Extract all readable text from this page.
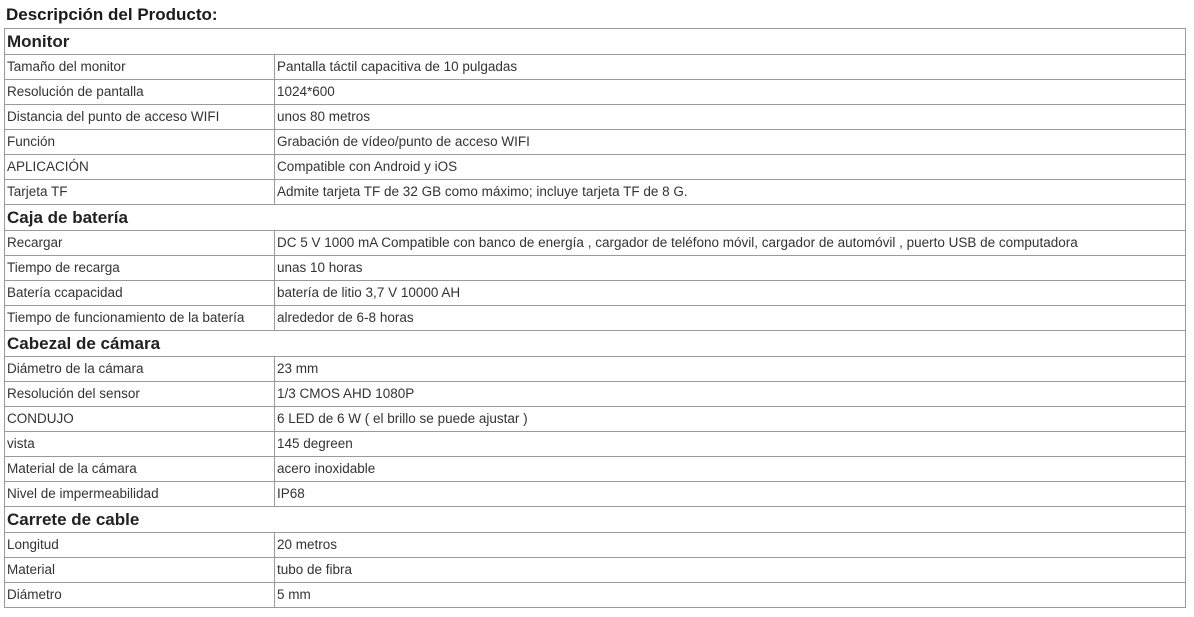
Descripción del Producto:
Monitor	
Tamaño del monitor	Pantalla táctil capacitiva de 10 pulgadas
Resolución de pantalla	1024*600
Distancia del punto de acceso WIFI	unos 80 metros
Función	Grabación de vídeo/punto de acceso WIFI
APLICACIÓN	Compatible con Android y iOS
Tarjeta TF	Admite tarjeta TF de 32 GB como máximo; incluye tarjeta TF de 8 G.
Caja de batería	
Recargar	DC 5 V 1000 mA Compatible con banco de energía , cargador de teléfono móvil, cargador de automóvil , puerto USB de computadora
Tiempo de recarga	unas 10 horas
Batería ccapacidad	batería de litio 3,7 V 10000 AH
Tiempo de funcionamiento de la batería	alrededor de 6-8 horas
Cabezal de cámara	
Diámetro de la cámara	23 mm
Resolución del sensor	1/3 CMOS AHD 1080P
CONDUJO	6 LED de 6 W ( el brillo se puede ajustar )
vista	145 degreen
Material de la cámara	acero inoxidable
Nivel de impermeabilidad	IP68
Carrete de cable	
Longitud	20 metros
Material	tubo de fibra
Diámetro	5 mm
